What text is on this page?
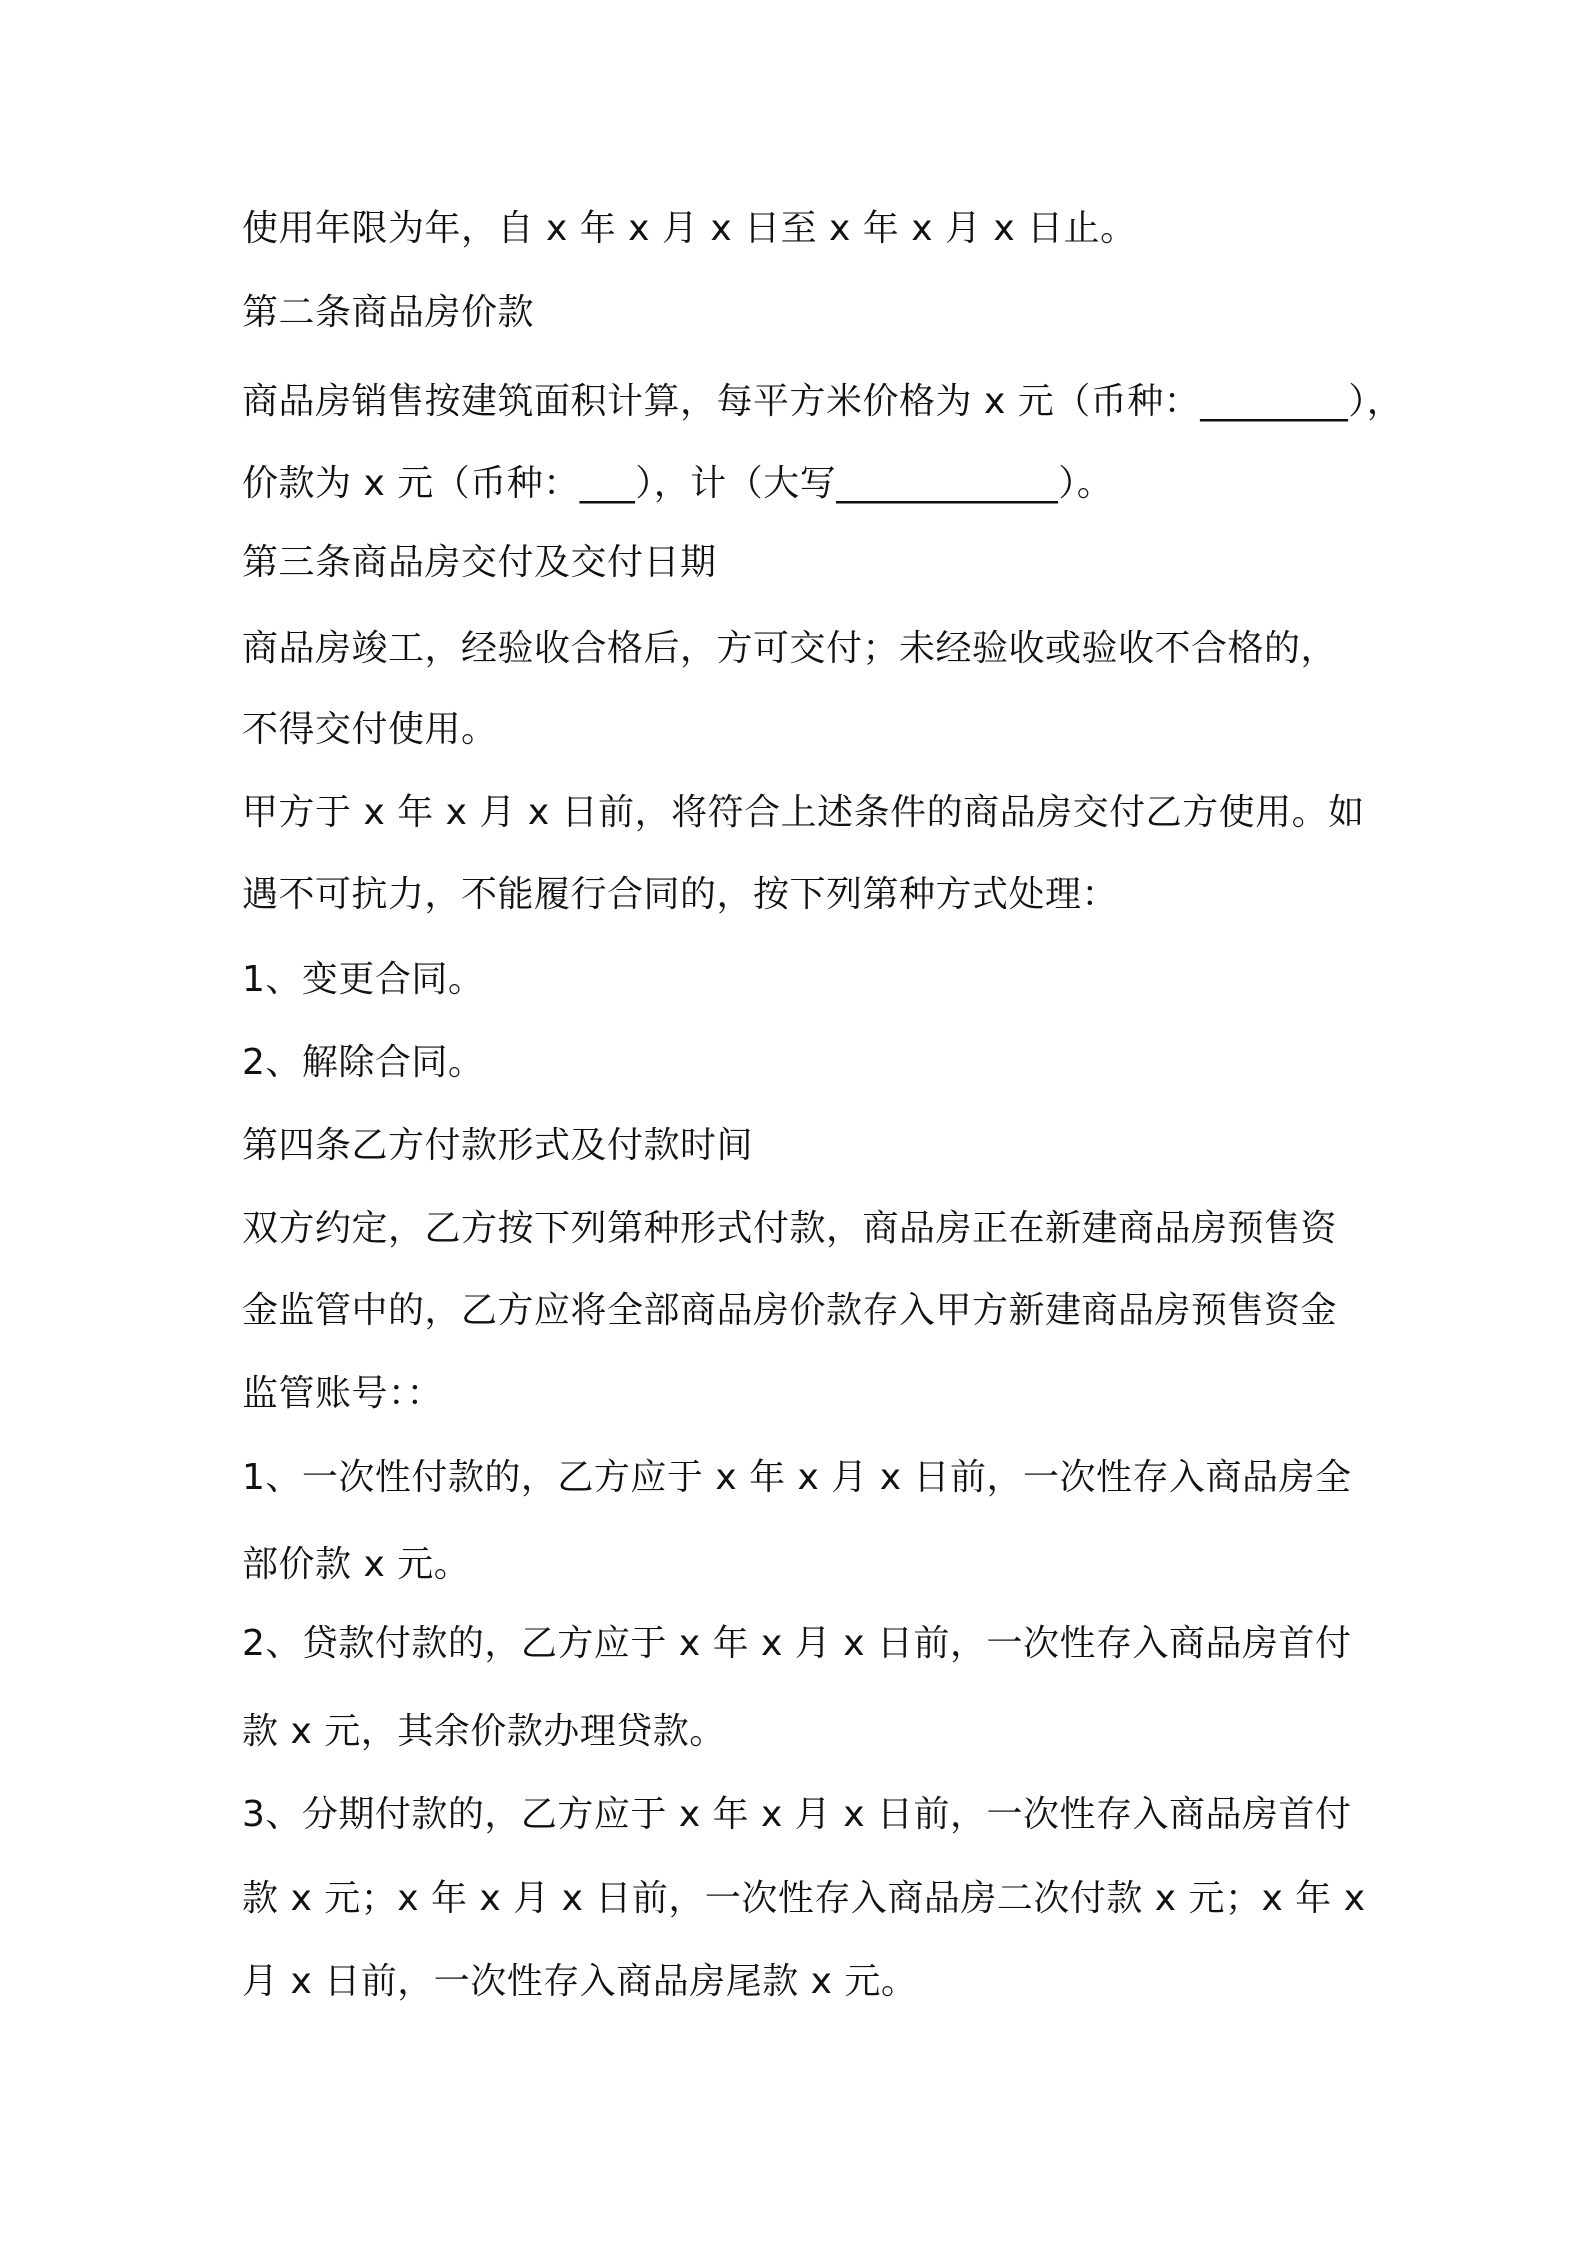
使用年限为年，自 x 年 x 月 x 日至 x 年 x 月 x 日止。

第二条商品房价款

商品房销售按建筑面积计算，每平方米价格为 x 元（币种：________），

价款为 x 元（币种：___），计（大写____________）。

第三条商品房交付及交付日期

商品房竣工，经验收合格后，方可交付；未经验收或验收不合格的，

不得交付使用。

甲方于 x 年 x 月 x 日前，将符合上述条件的商品房交付乙方使用。如

遇不可抗力，不能履行合同的，按下列第种方式处理：

1、变更合同。

2、解除合同。

第四条乙方付款形式及付款时间

双方约定，乙方按下列第种形式付款，商品房正在新建商品房预售资

金监管中的，乙方应将全部商品房价款存入甲方新建商品房预售资金

监管账号：：

1、一次性付款的，乙方应于 x 年 x 月 x 日前，一次性存入商品房全

部价款 x 元。

2、贷款付款的，乙方应于 x 年 x 月 x 日前，一次性存入商品房首付

款 x 元，其余价款办理贷款。

3、分期付款的，乙方应于 x 年 x 月 x 日前，一次性存入商品房首付

款 x 元；x 年 x 月 x 日前，一次性存入商品房二次付款 x 元；x 年 x

月 x 日前，一次性存入商品房尾款 x 元。
